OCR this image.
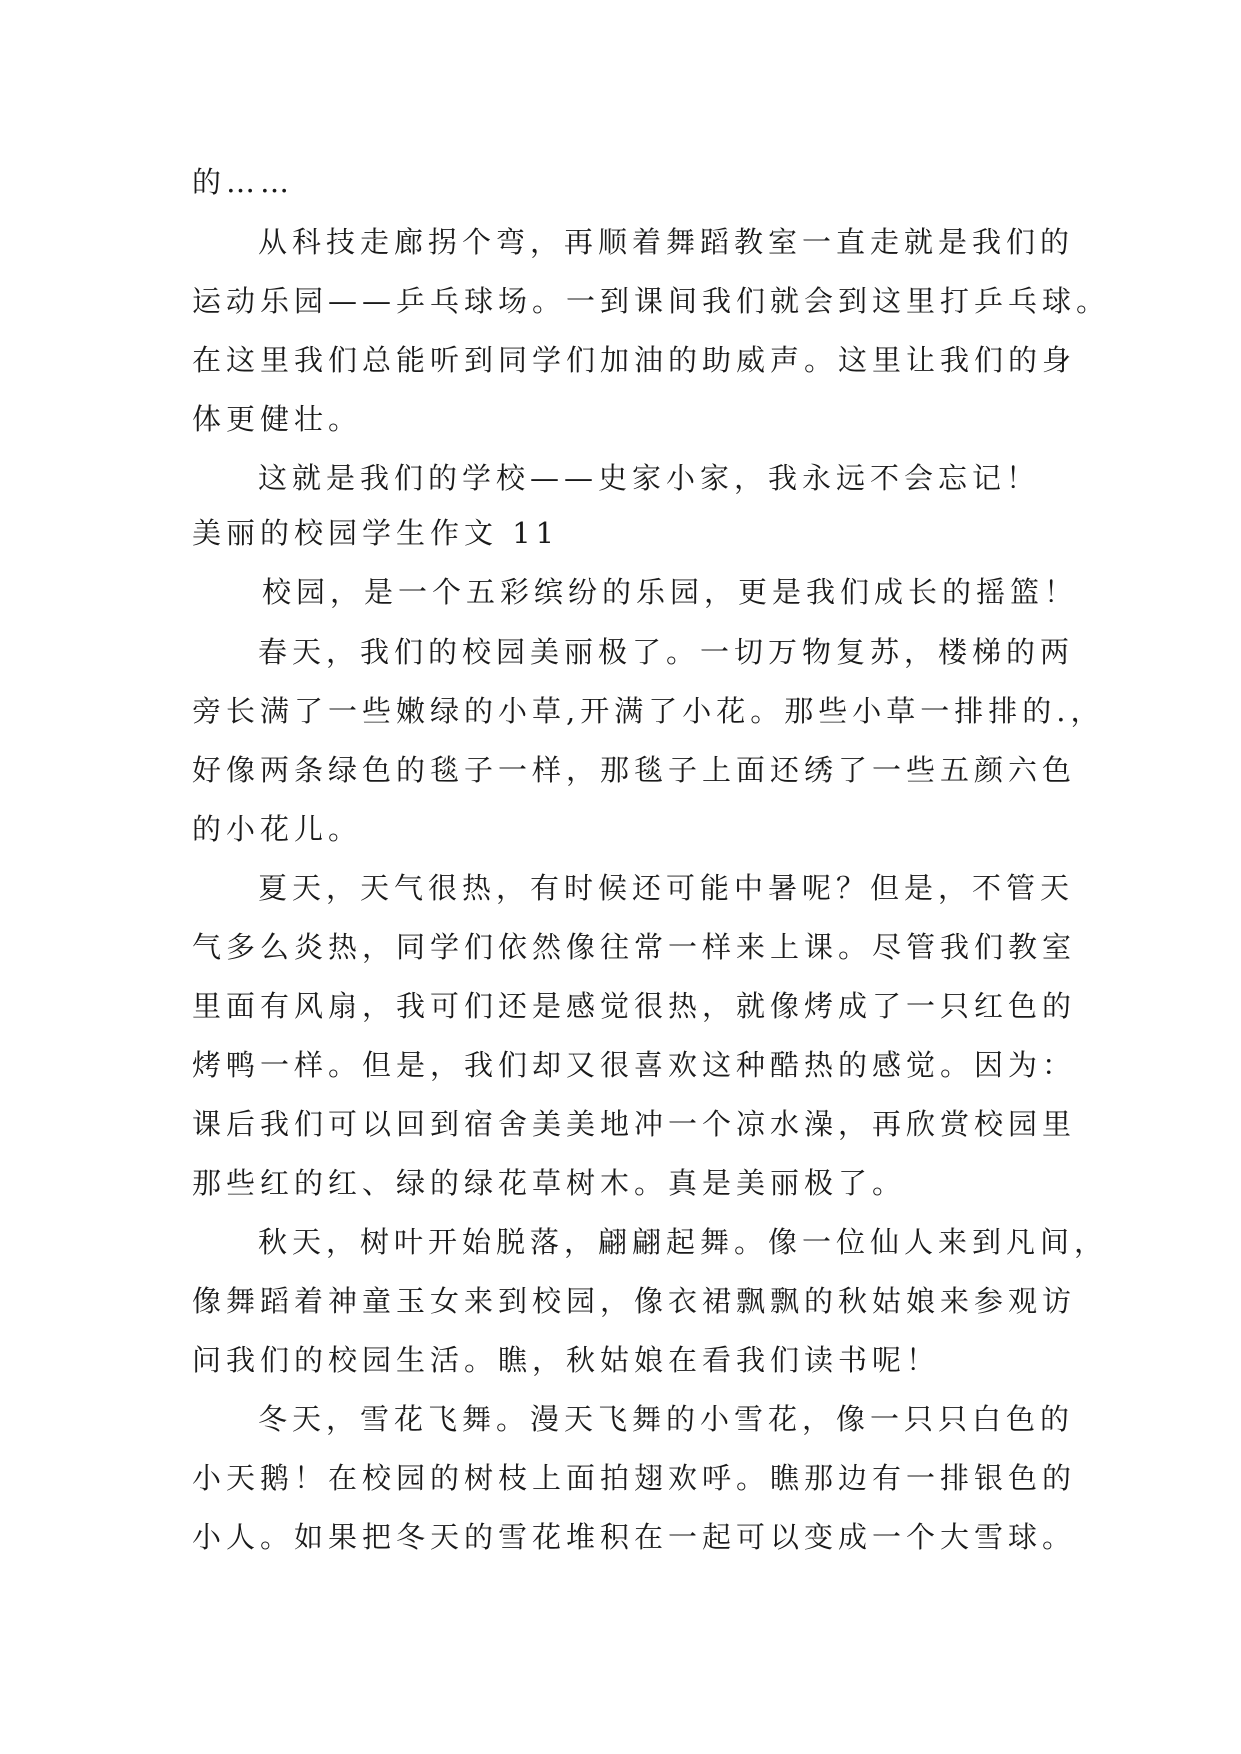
的……
从科技走廊拐个弯，再顺着舞蹈教室一直走就是我们的
运动乐园——乒乓球场。一到课间我们就会到这里打乒乓球。
在这里我们总能听到同学们加油的助威声。这里让我们的身
体更健壮。
这就是我们的学校——史家小家，我永远不会忘记！
美丽的校园学生作文 11
校园，是一个五彩缤纷的乐园，更是我们成长的摇篮！
春天，我们的校园美丽极了。一切万物复苏，楼梯的两
旁长满了一些嫩绿的小草,开满了小花。那些小草一排排的.，
好像两条绿色的毯子一样，那毯子上面还绣了一些五颜六色
的小花儿。
夏天，天气很热，有时候还可能中暑呢？但是，不管天
气多么炎热，同学们依然像往常一样来上课。尽管我们教室
里面有风扇，我可们还是感觉很热，就像烤成了一只红色的
烤鸭一样。但是，我们却又很喜欢这种酷热的感觉。因为：
课后我们可以回到宿舍美美地冲一个凉水澡，再欣赏校园里
那些红的红、绿的绿花草树木。真是美丽极了。
秋天，树叶开始脱落，翩翩起舞。像一位仙人来到凡间，
像舞蹈着神童玉女来到校园，像衣裙飘飘的秋姑娘来参观访
问我们的校园生活。瞧，秋姑娘在看我们读书呢！
冬天，雪花飞舞。漫天飞舞的小雪花，像一只只白色的
小天鹅！在校园的树枝上面拍翅欢呼。瞧那边有一排银色的
小人。如果把冬天的雪花堆积在一起可以变成一个大雪球。
